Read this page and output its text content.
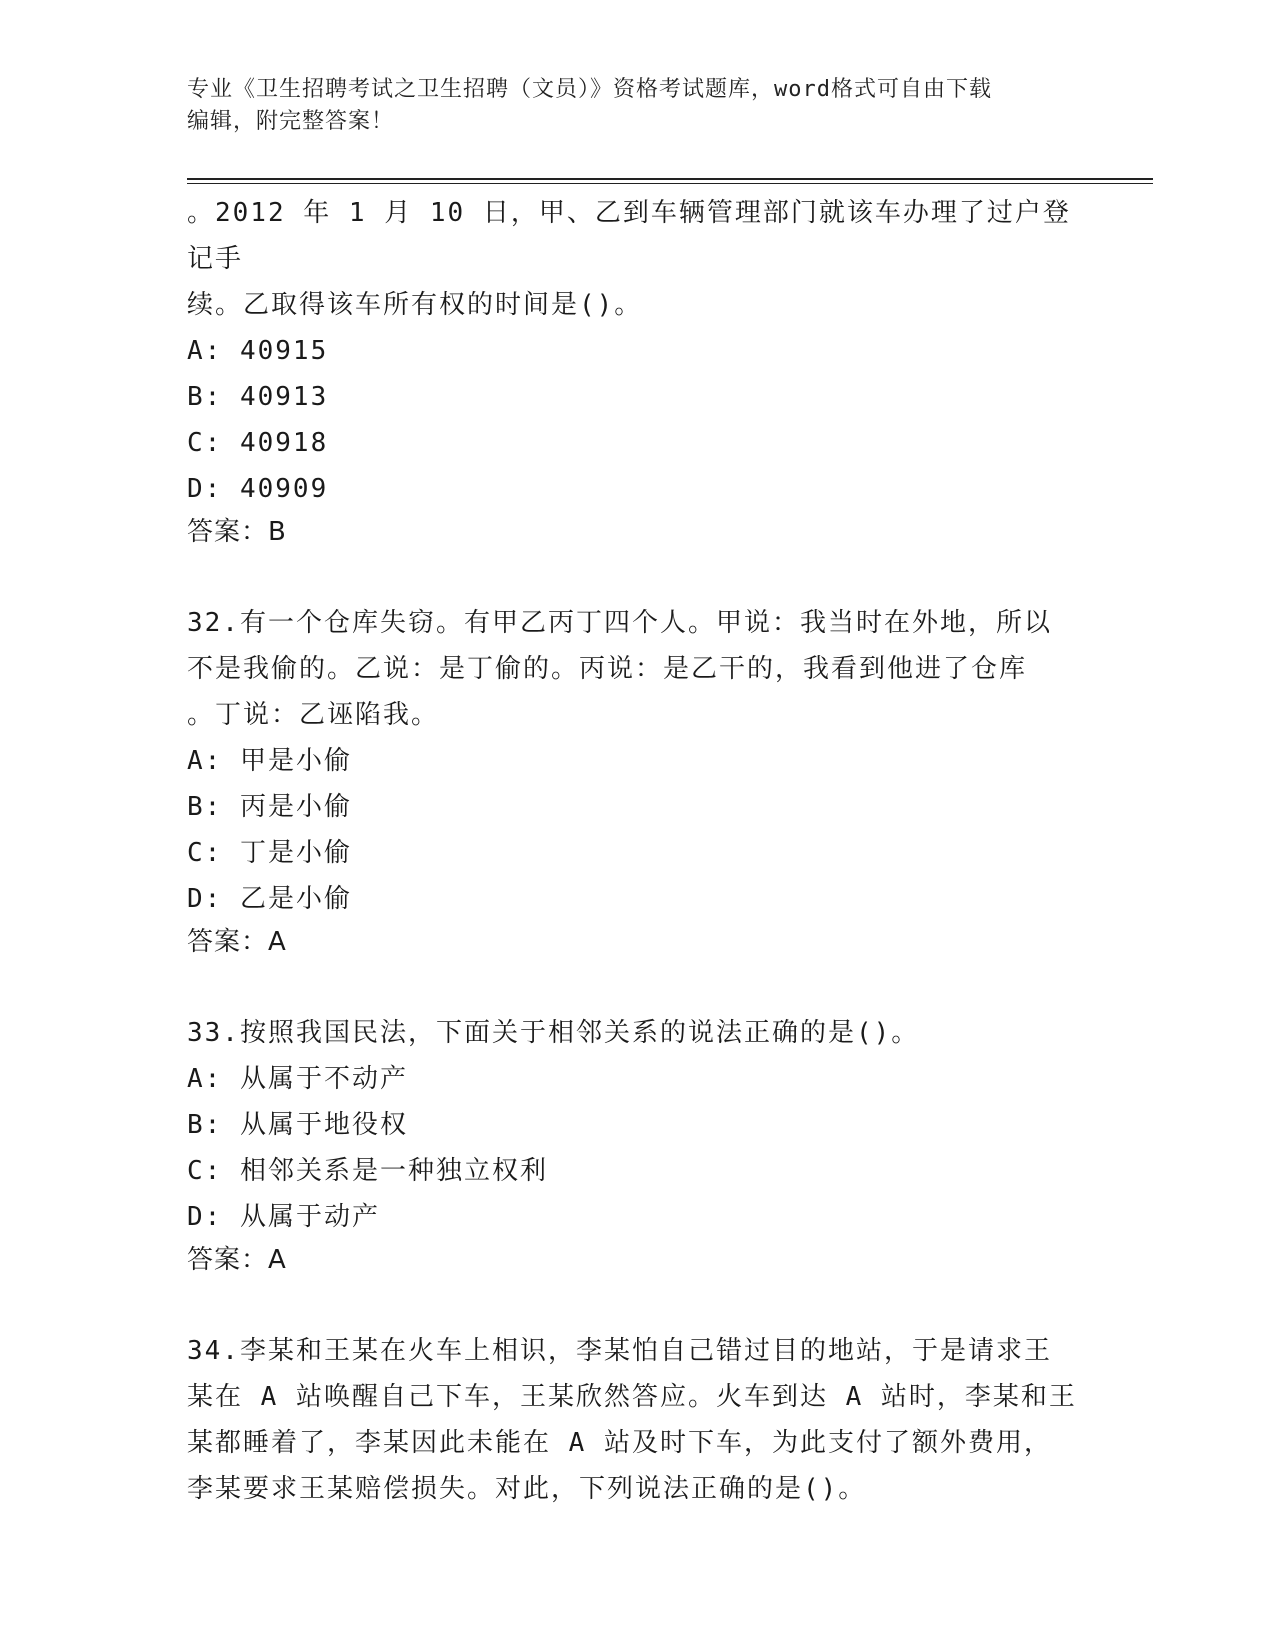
专业《卫生招聘考试之卫生招聘（文员）》资格考试题库，word格式可自由下载
编辑，附完整答案！

。2012 年 1 月 10 日，甲、乙到车辆管理部门就该车办理了过户登记手

续。乙取得该车所有权的时间是()。

A: 40915

B: 40913

C: 40918

D: 40909

答案：B

32.有一个仓库失窃。有甲乙丙丁四个人。甲说：我当时在外地，所以

不是我偷的。乙说：是丁偷的。丙说：是乙干的，我看到他进了仓库

。丁说：乙诬陷我。

A: 甲是小偷

B: 丙是小偷

C: 丁是小偷

D: 乙是小偷

答案：A

33.按照我国民法，下面关于相邻关系的说法正确的是()。

A: 从属于不动产

B: 从属于地役权

C: 相邻关系是一种独立权利

D: 从属于动产

答案：A

34.李某和王某在火车上相识，李某怕自己错过目的地站，于是请求王

某在 A 站唤醒自己下车，王某欣然答应。火车到达 A 站时，李某和王

某都睡着了，李某因此未能在 A 站及时下车，为此支付了额外费用，

李某要求王某赔偿损失。对此，下列说法正确的是()。
